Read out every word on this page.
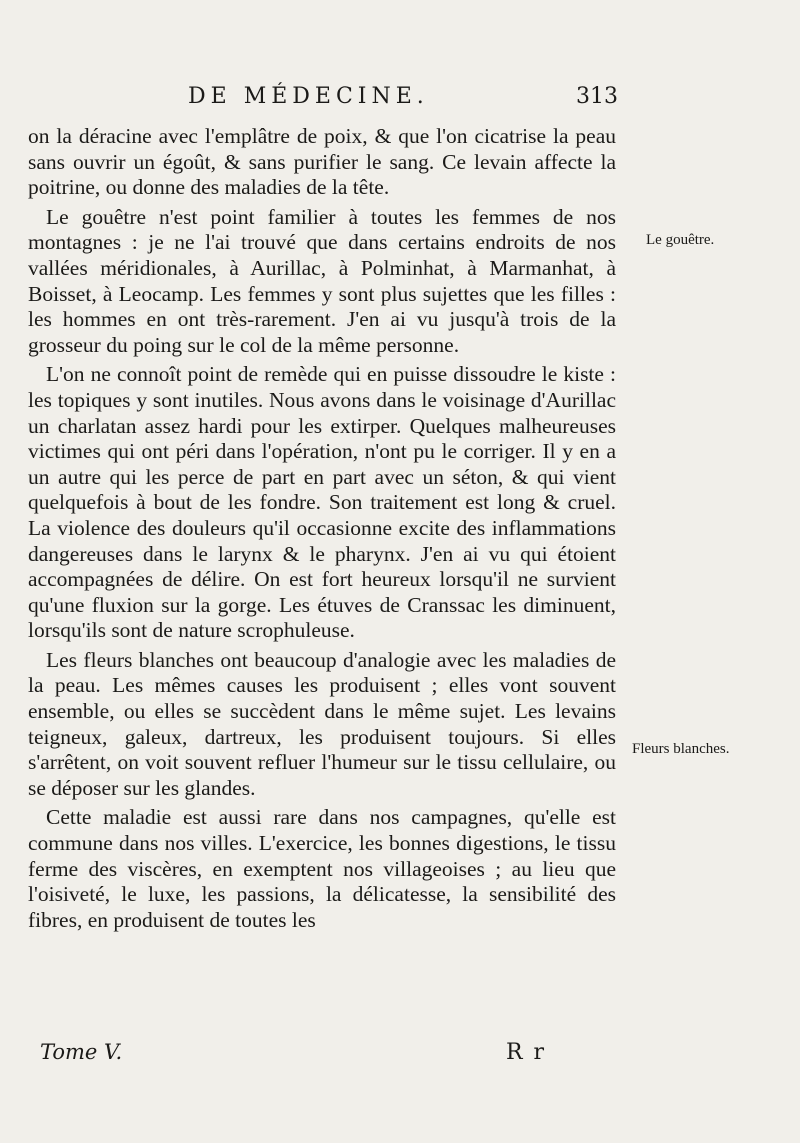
DE MÉDECINE.	313

on la déracine avec l'emplâtre de poix, & que l'on cicatrise la peau sans ouvrir un égoût, & sans purifier le sang. Ce levain affecte la poitrine, ou donne des maladies de la tête.

Le gouêtre n'est point familier à toutes les femmes de nos montagnes : je ne l'ai trouvé que dans certains endroits de nos vallées méridionales, à Aurillac, à Polminhat, à Marmanhat, à Boisset, à Leocamp. Les femmes y sont plus sujettes que les filles : les hommes en ont très-rarement. J'en ai vu jusqu'à trois de la grosseur du poing sur le col de la même personne.

L'on ne connoît point de remède qui en puisse dissoudre le kiste : les topiques y sont inutiles. Nous avons dans le voisinage d'Aurillac un charlatan assez hardi pour les extirper. Quelques malheureuses victimes qui ont péri dans l'opération, n'ont pu le corriger. Il y en a un autre qui les perce de part en part avec un séton, & qui vient quelquefois à bout de les fondre. Son traitement est long & cruel. La violence des douleurs qu'il occasionne excite des inflammations dangereuses dans le larynx & le pharynx. J'en ai vu qui étoient accompagnées de délire. On est fort heureux lorsqu'il ne survient qu'une fluxion sur la gorge. Les étuves de Cranssac les diminuent, lorsqu'ils sont de nature scrophuleuse.

Les fleurs blanches ont beaucoup d'analogie avec les maladies de la peau. Les mêmes causes les produisent ; elles vont souvent ensemble, ou elles se succèdent dans le même sujet. Les levains teigneux, galeux, dartreux, les produisent toujours. Si elles s'arrêtent, on voit souvent refluer l'humeur sur le tissu cellulaire, ou se déposer sur les glandes.

Cette maladie est aussi rare dans nos campagnes, qu'elle est commune dans nos villes. L'exercice, les bonnes digestions, le tissu ferme des viscères, en exemptent nos villageoises ; au lieu que l'oisiveté, le luxe, les passions, la délicatesse, la sensibilité des fibres, en produisent de toutes les

Le gouêtre.
Fleurs blanches.
Tome V.	R r
